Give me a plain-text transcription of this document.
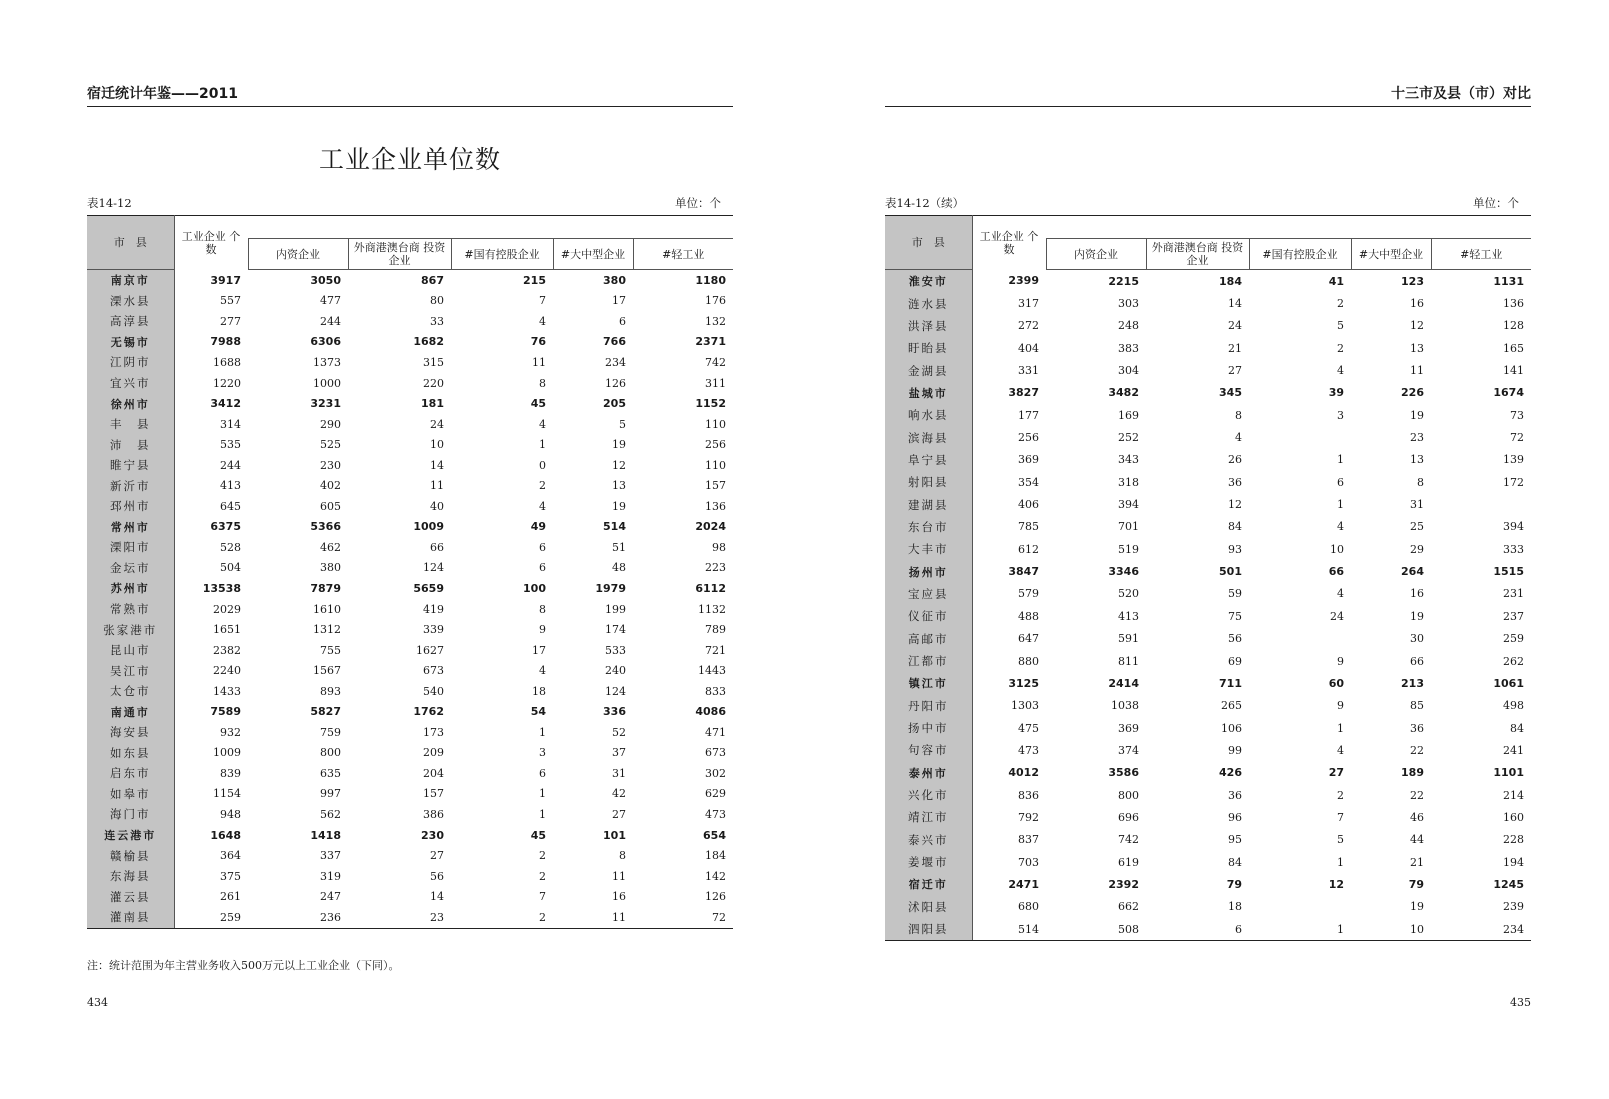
宿迁统计年鉴——2011
工业企业单位数
表14-12	单位：个
市　县	工业企业 个　　数					
		内资企业	外商港澳台商 投资企业	#国有控股企业	#大中型企业	#轻工业
南京市	3917	3050	867	215	380	1180
溧水县	557	477	80	7	17	176
高淳县	277	244	33	4	6	132
无锡市	7988	6306	1682	76	766	2371
江阴市	1688	1373	315	11	234	742
宜兴市	1220	1000	220	8	126	311
徐州市	3412	3231	181	45	205	1152
丰　县	314	290	24	4	5	110
沛　县	535	525	10	1	19	256
睢宁县	244	230	14	0	12	110
新沂市	413	402	11	2	13	157
邳州市	645	605	40	4	19	136
常州市	6375	5366	1009	49	514	2024
溧阳市	528	462	66	6	51	98
金坛市	504	380	124	6	48	223
苏州市	13538	7879	5659	100	1979	6112
常熟市	2029	1610	419	8	199	1132
张家港市	1651	1312	339	9	174	789
昆山市	2382	755	1627	17	533	721
吴江市	2240	1567	673	4	240	1443
太仓市	1433	893	540	18	124	833
南通市	7589	5827	1762	54	336	4086
海安县	932	759	173	1	52	471
如东县	1009	800	209	3	37	673
启东市	839	635	204	6	31	302
如皋市	1154	997	157	1	42	629
海门市	948	562	386	1	27	473
连云港市	1648	1418	230	45	101	654
赣榆县	364	337	27	2	8	184
东海县	375	319	56	2	11	142
灌云县	261	247	14	7	16	126
灌南县	259	236	23	2	11	72
注：统计范围为年主营业务收入500万元以上工业企业（下同）。
434
十三市及县（市）对比
表14-12（续）	单位：个
市　县	工业企业 个　　数					
		内资企业	外商港澳台商 投资企业	#国有控股企业	#大中型企业	#轻工业
淮安市	2399	2215	184	41	123	1131
涟水县	317	303	14	2	16	136
洪泽县	272	248	24	5	12	128
盱眙县	404	383	21	2	13	165
金湖县	331	304	27	4	11	141
盐城市	3827	3482	345	39	226	1674
响水县	177	169	8	3	19	73
滨海县	256	252	4		23	72
阜宁县	369	343	26	1	13	139
射阳县	354	318	36	6	8	172
建湖县	406	394	12	1	31	
东台市	785	701	84	4	25	394
大丰市	612	519	93	10	29	333
扬州市	3847	3346	501	66	264	1515
宝应县	579	520	59	4	16	231
仪征市	488	413	75	24	19	237
高邮市	647	591	56		30	259
江都市	880	811	69	9	66	262
镇江市	3125	2414	711	60	213	1061
丹阳市	1303	1038	265	9	85	498
扬中市	475	369	106	1	36	84
句容市	473	374	99	4	22	241
泰州市	4012	3586	426	27	189	1101
兴化市	836	800	36	2	22	214
靖江市	792	696	96	7	46	160
泰兴市	837	742	95	5	44	228
姜堰市	703	619	84	1	21	194
宿迁市	2471	2392	79	12	79	1245
沭阳县	680	662	18		19	239
泗阳县	514	508	6	1	10	234
435
